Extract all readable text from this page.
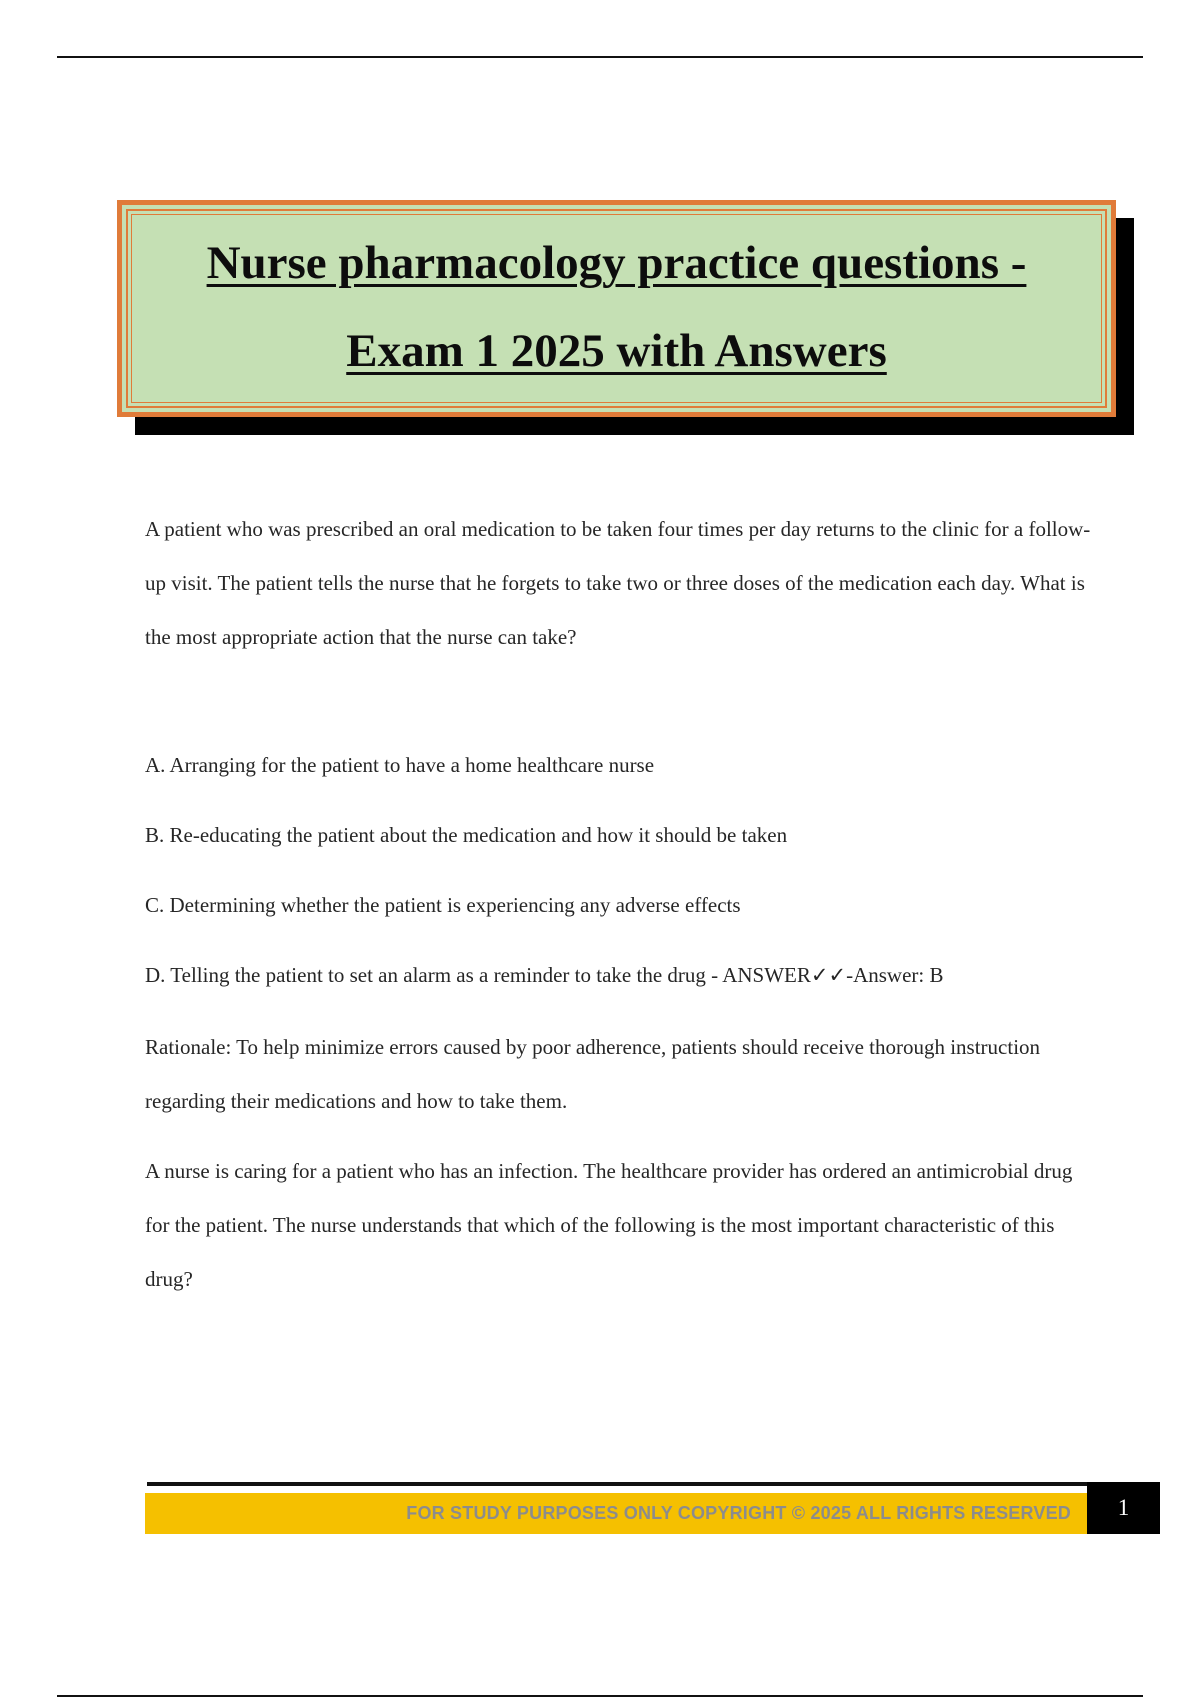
Nurse pharmacology practice questions -
Exam 1 2025 with Answers

A patient who was prescribed an oral medication to be taken four times per day returns to the clinic for a follow-up visit. The patient tells the nurse that he forgets to take two or three doses of the medication each day. What is the most appropriate action that the nurse can take?

A. Arranging for the patient to have a home healthcare nurse

B. Re-educating the patient about the medication and how it should be taken

C. Determining whether the patient is experiencing any adverse effects

D. Telling the patient to set an alarm as a reminder to take the drug - ANSWER✓✓-Answer: B

Rationale: To help minimize errors caused by poor adherence, patients should receive thorough instruction regarding their medications and how to take them.

A nurse is caring for a patient who has an infection. The healthcare provider has ordered an antimicrobial drug for the patient. The nurse understands that which of the following is the most important characteristic of this drug?

FOR STUDY PURPOSES ONLY COPYRIGHT © 2025 ALL RIGHTS RESERVED	1
